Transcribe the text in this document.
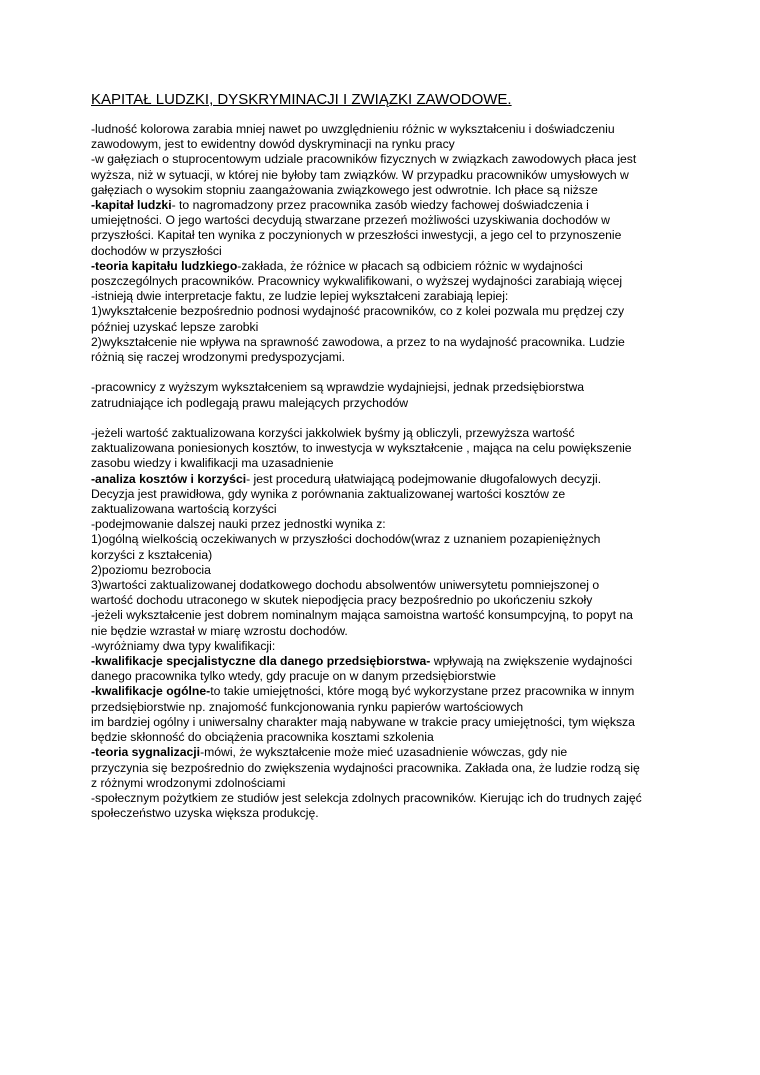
KAPITAŁ LUDZKI, DYSKRYMINACJI I ZWIĄZKI ZAWODOWE.

-ludność kolorowa zarabia mniej nawet po uwzględnieniu różnic w wykształceniu i doświadczeniu

zawodowym, jest to ewidentny dowód dyskryminacji na rynku pracy

-w gałęziach o stuprocentowym udziale pracowników fizycznych w związkach zawodowych płaca jest

wyższa, niż w sytuacji, w której nie byłoby tam związków. W przypadku pracowników umysłowych w

gałęziach o wysokim stopniu zaangażowania związkowego jest odwrotnie. Ich płace są niższe

-kapitał ludzki- to nagromadzony przez pracownika zasób wiedzy fachowej doświadczenia i

umiejętności. O jego wartości decydują stwarzane przezeń możliwości uzyskiwania dochodów w

przyszłości. Kapitał ten wynika z poczynionych w przeszłości inwestycji, a jego cel to przynoszenie

dochodów w przyszłości

-teoria kapitału ludzkiego-zakłada, że różnice w płacach są odbiciem różnic w wydajności

poszczególnych pracowników. Pracownicy wykwalifikowani, o wyższej wydajności zarabiają więcej

-istnieją dwie interpretacje faktu, ze ludzie lepiej wykształceni zarabiają lepiej:

1)wykształcenie bezpośrednio podnosi wydajność pracowników, co z kolei pozwala mu prędzej czy

później uzyskać lepsze zarobki

2)wykształcenie nie wpływa na sprawność zawodowa, a przez to na wydajność pracownika. Ludzie

różnią się raczej wrodzonymi predyspozycjami.

-pracownicy z wyższym wykształceniem są wprawdzie wydajniejsi, jednak przedsiębiorstwa

zatrudniające ich podlegają prawu malejących przychodów

-jeżeli wartość zaktualizowana korzyści jakkolwiek byśmy ją obliczyli, przewyższa wartość

zaktualizowana poniesionych kosztów, to inwestycja w wykształcenie , mająca na celu powiększenie

zasobu wiedzy i kwalifikacji ma uzasadnienie

-analiza kosztów i korzyści- jest procedurą ułatwiającą podejmowanie długofalowych decyzji.

Decyzja jest prawidłowa, gdy wynika z porównania zaktualizowanej wartości kosztów ze

zaktualizowana wartością korzyści

-podejmowanie dalszej nauki przez jednostki wynika z:

1)ogólną wielkością oczekiwanych w przyszłości dochodów(wraz z uznaniem pozapieniężnych

korzyści z kształcenia)

2)poziomu bezrobocia

3)wartości zaktualizowanej dodatkowego dochodu absolwentów uniwersytetu pomniejszonej o

wartość dochodu utraconego w skutek niepodjęcia pracy bezpośrednio po ukończeniu szkoły

-jeżeli wykształcenie jest dobrem nominalnym mająca samoistna wartość konsumpcyjną, to popyt na

nie będzie wzrastał w miarę wzrostu dochodów.

-wyróżniamy dwa typy kwalifikacji:

-kwalifikacje specjalistyczne dla danego przedsiębiorstwa- wpływają na zwiększenie wydajności

danego pracownika tylko wtedy, gdy pracuje on w danym przedsiębiorstwie

-kwalifikacje ogólne-to takie umiejętności, które mogą być wykorzystane przez pracownika w innym

przedsiębiorstwie np. znajomość funkcjonowania rynku papierów wartościowych

im bardziej ogólny i uniwersalny charakter mają nabywane w trakcie pracy umiejętności, tym większa

będzie skłonność do obciążenia pracownika kosztami szkolenia

-teoria sygnalizacji-mówi, że wykształcenie może mieć uzasadnienie wówczas, gdy nie

przyczynia się bezpośrednio do zwiększenia wydajności pracownika. Zakłada ona, że ludzie rodzą się

z różnymi wrodzonymi zdolnościami

-społecznym pożytkiem ze studiów jest selekcja zdolnych pracowników. Kierując ich do trudnych zajęć

społeczeństwo uzyska większa produkcję.
